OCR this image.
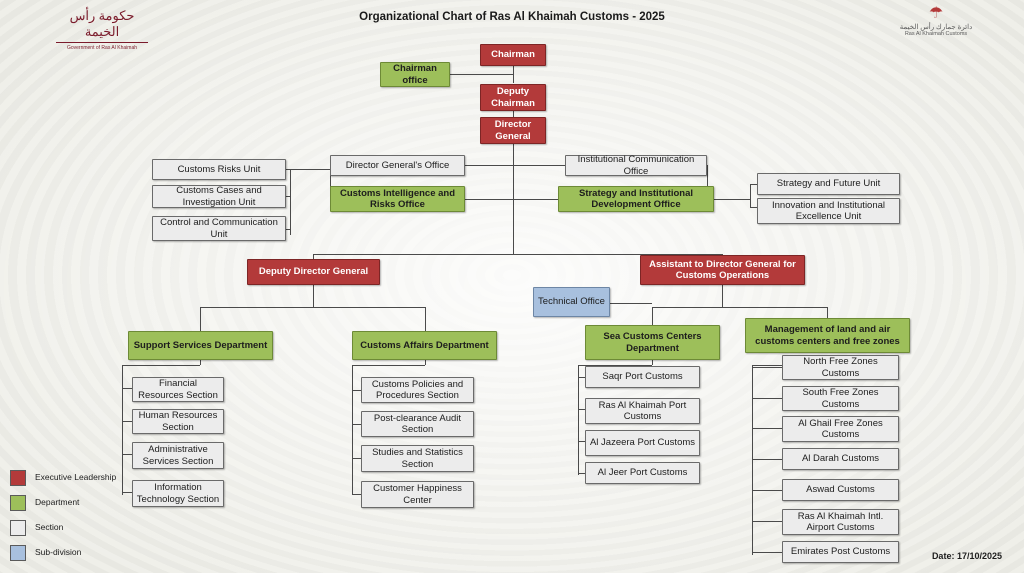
حكومة رأس الخيمة
Government of Ras Al Khaimah
Organizational Chart of Ras Al Khaimah Customs - 2025	☂
دائرة جمارك رأس الخيمة
Ras Al Khaimah Customs
Chairman
Chairman office
Deputy Chairman
Director General
Director General's Office
Customs Intelligence and Risks Office
Institutional Communication Office
Strategy and Institutional Development Office
Customs Risks Unit
Customs Cases and Investigation Unit
Control and Communication Unit
Strategy and Future Unit
Innovation and Institutional Excellence Unit
Deputy Director General
Assistant to Director General for Customs Operations
Technical Office
Support Services Department	Customs Affairs Department
Sea Customs Centers Department
Management of land and air customs centers and free zones
Financial Resources Section
Human Resources Section
Administrative Services Section
Information Technology Section
Customs Policies and Procedures Section
Post-clearance Audit Section
Studies and Statistics Section
Customer Happiness Center
Saqr Port Customs
Ras Al Khaimah Port Customs
Al Jazeera Port Customs
Al Jeer Port Customs
North Free Zones Customs
South Free Zones Customs
Al Ghail Free Zones Customs
Al Darah Customs
Aswad Customs
Ras Al Khaimah Intl. Airport Customs
Emirates Post Customs
Executive Leadership
Department
Section
Sub-division	Date: 17/10/2025
